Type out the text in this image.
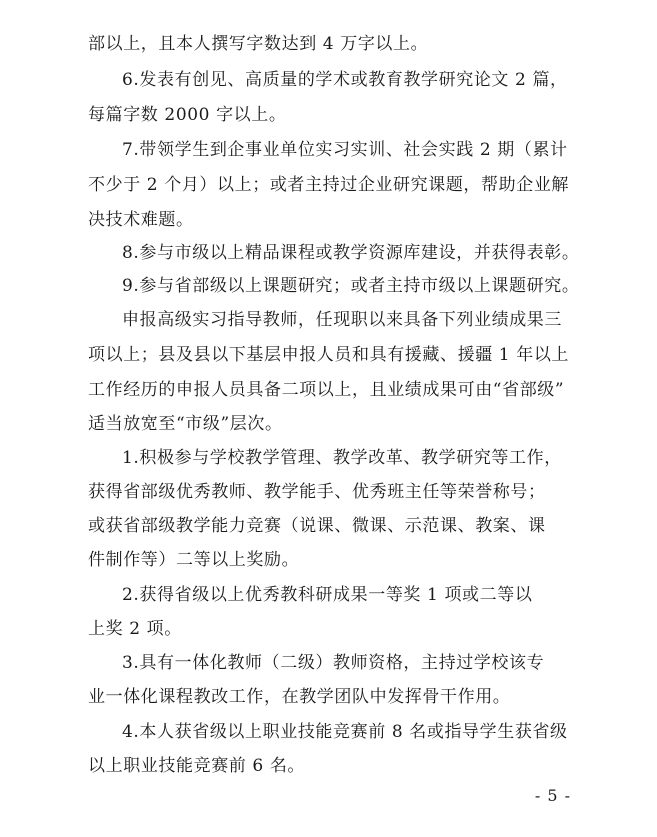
部以上，且本人撰写字数达到 4 万字以上。
6.发表有创见、高质量的学术或教育教学研究论文 2 篇，
每篇字数 2000 字以上。
7.带领学生到企事业单位实习实训、社会实践 2 期（累计
不少于 2 个月）以上；或者主持过企业研究课题，帮助企业解
决技术难题。
8.参与市级以上精品课程或教学资源库建设，并获得表彰。
9.参与省部级以上课题研究；或者主持市级以上课题研究。
申报高级实习指导教师，任现职以来具备下列业绩成果三
项以上；县及县以下基层申报人员和具有援藏、援疆 1 年以上
工作经历的申报人员具备二项以上，且业绩成果可由“省部级”
适当放宽至“市级”层次。
1.积极参与学校教学管理、教学改革、教学研究等工作，
获得省部级优秀教师、教学能手、优秀班主任等荣誉称号；
或获省部级教学能力竞赛（说课、微课、示范课、教案、课
件制作等）二等以上奖励。
2.获得省级以上优秀教科研成果一等奖 1 项或二等以
上奖 2 项。
3.具有一体化教师（二级）教师资格，主持过学校该专
业一体化课程教改工作，在教学团队中发挥骨干作用。
4.本人获省级以上职业技能竞赛前 8 名或指导学生获省级
以上职业技能竞赛前 6 名。
- 5 -
